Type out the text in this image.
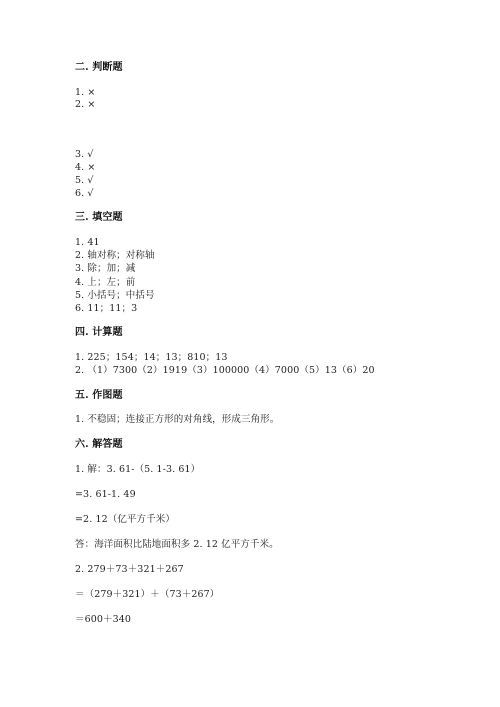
二. 判断题
1. ×
2. ×
3. √
4. ×
5. √
6. √
三. 填空题
1. 41
2. 轴对称；对称轴
3. 除；加；减
4. 上；左；前
5. 小括号；中括号
6. 11；11；3
四. 计算题
1. 225；154；14；13；810；13
2. （1）7300（2）1919（3）100000（4）7000（5）13（6）20
五. 作图题
1. 不稳固；连接正方形的对角线，形成三角形。
六. 解答题
1. 解：3. 61-（5. 1-3. 61）
=3. 61-1. 49
=2. 12（亿平方千米）
答：海洋面积比陆地面积多 2. 12 亿平方千米。
2. 279＋73＋321＋267
＝（279＋321）＋（73＋267）
＝600＋340
